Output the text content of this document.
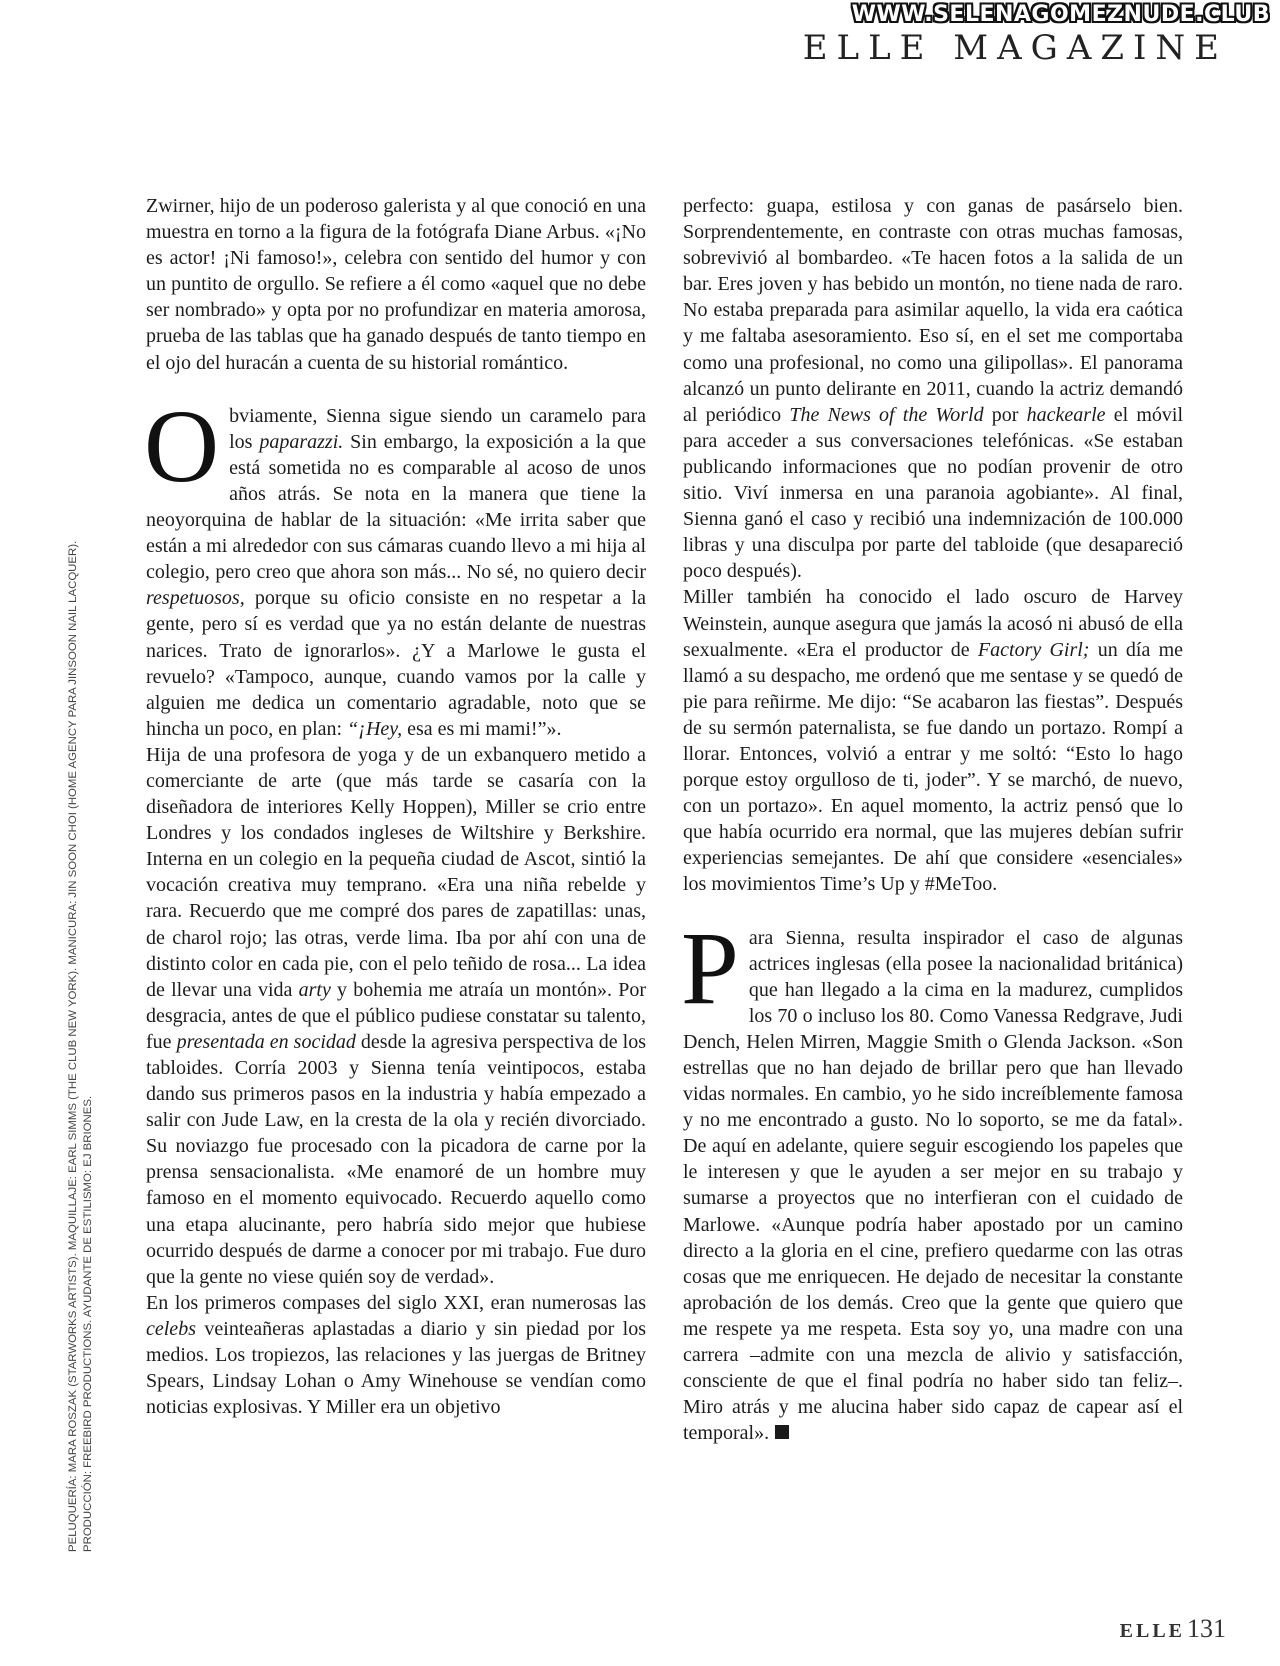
WWW.SELENAGOMEZNUDE.CLUB
ELLE MAGAZINE
PELUQUERÍA: MARA ROSZAK (STARWORKS ARTISTS). MAQUILLAJE: EARL SIMMS (THE CLUB NEW YORK). MANICURA: JIN SOON CHOI (HOME AGENCY PARA JINSOON NAIL LACQUER). PRODUCCIÓN: FREEBIRD PRODUCTIONS. AYUDANTE DE ESTILISMO: EJ BRIONES.

Zwirner, hijo de un poderoso galerista y al que conoció en una muestra en torno a la figura de la fotógrafa Diane Arbus. «¡No es actor! ¡Ni famoso!», celebra con sentido del humor y con un puntito de orgullo. Se refiere a él como «aquel que no debe ser nombrado» y opta por no profundizar en materia amorosa, prueba de las tablas que ha ganado después de tanto tiempo en el ojo del huracán a cuenta de su historial romántico.

Obviamente, Sienna sigue siendo un caramelo para los paparazzi. Sin embargo, la exposición a la que está sometida no es comparable al acoso de unos años atrás. Se nota en la manera que tiene la neoyorquina de hablar de la situación: «Me irrita saber que están a mi alrededor con sus cámaras cuando llevo a mi hija al colegio, pero creo que ahora son más... No sé, no quiero decir respetuosos, porque su oficio consiste en no respetar a la gente, pero sí es verdad que ya no están delante de nuestras narices. Trato de ignorarlos». ¿Y a Marlowe le gusta el revuelo? «Tampoco, aunque, cuando vamos por la calle y alguien me dedica un comentario agradable, noto que se hincha un poco, en plan: “¡Hey, esa es mi mami!”».

Hija de una profesora de yoga y de un exbanquero metido a comerciante de arte (que más tarde se casaría con la diseñadora de interiores Kelly Hoppen), Miller se crio entre Londres y los condados ingleses de Wiltshire y Berkshire. Interna en un colegio en la pequeña ciudad de Ascot, sintió la vocación creativa muy temprano. «Era una niña rebelde y rara. Recuerdo que me compré dos pares de zapatillas: unas, de charol rojo; las otras, verde lima. Iba por ahí con una de distinto color en cada pie, con el pelo teñido de rosa... La idea de llevar una vida arty y bohemia me atraía un montón». Por desgracia, antes de que el público pudiese constatar su talento, fue presentada en socidad desde la agresiva perspectiva de los tabloides. Corría 2003 y Sienna tenía veintipocos, estaba dando sus primeros pasos en la industria y había empezado a salir con Jude Law, en la cresta de la ola y recién divorciado. Su noviazgo fue procesado con la picadora de carne por la prensa sensacionalista. «Me enamoré de un hombre muy famoso en el momento equivocado. Recuerdo aquello como una etapa alucinante, pero habría sido mejor que hubiese ocurrido después de darme a conocer por mi trabajo. Fue duro que la gente no viese quién soy de verdad».

En los primeros compases del siglo XXI, eran numerosas las celebs veinteañeras aplastadas a diario y sin piedad por los medios. Los tropiezos, las relaciones y las juergas de Britney Spears, Lindsay Lohan o Amy Winehouse se vendían como noticias explosivas. Y Miller era un objetivo

perfecto: guapa, estilosa y con ganas de pasárselo bien. Sorprendentemente, en contraste con otras muchas famosas, sobrevivió al bombardeo. «Te hacen fotos a la salida de un bar. Eres joven y has bebido un montón, no tiene nada de raro. No estaba preparada para asimilar aquello, la vida era caótica y me faltaba asesoramiento. Eso sí, en el set me comportaba como una profesional, no como una gilipollas». El panorama alcanzó un punto delirante en 2011, cuando la actriz demandó al periódico The News of the World por hackearle el móvil para acceder a sus conversaciones telefónicas. «Se estaban publicando informaciones que no podían provenir de otro sitio. Viví inmersa en una paranoia agobiante». Al final, Sienna ganó el caso y recibió una indemnización de 100.000 libras y una disculpa por parte del tabloide (que desapareció poco después).

Miller también ha conocido el lado oscuro de Harvey Weinstein, aunque asegura que jamás la acosó ni abusó de ella sexualmente. «Era el productor de Factory Girl; un día me llamó a su despacho, me ordenó que me sentase y se quedó de pie para reñirme. Me dijo: “Se acabaron las fiestas”. Después de su sermón paternalista, se fue dando un portazo. Rompí a llorar. Entonces, volvió a entrar y me soltó: “Esto lo hago porque estoy orgulloso de ti, joder”. Y se marchó, de nuevo, con un portazo». En aquel momento, la actriz pensó que lo que había ocurrido era normal, que las mujeres debían sufrir experiencias semejantes. De ahí que considere «esenciales» los movimientos Time’s Up y #MeToo.

Para Sienna, resulta inspirador el caso de algunas actrices inglesas (ella posee la nacionalidad británica) que han llegado a la cima en la madurez, cumplidos los 70 o incluso los 80. Como Vanessa Redgrave, Judi Dench, Helen Mirren, Maggie Smith o Glenda Jackson. «Son estrellas que no han dejado de brillar pero que han llevado vidas normales. En cambio, yo he sido increíblemente famosa y no me encontrado a gusto. No lo soporto, se me da fatal». De aquí en adelante, quiere seguir escogiendo los papeles que le interesen y que le ayuden a ser mejor en su trabajo y sumarse a proyectos que no interfieran con el cuidado de Marlowe. «Aunque podría haber apostado por un camino directo a la gloria en el cine, prefiero quedarme con las otras cosas que me enriquecen. He dejado de necesitar la constante aprobación de los demás. Creo que la gente que quiero que me respete ya me respeta. Esta soy yo, una madre con una carrera –admite con una mezcla de alivio y satisfacción, consciente de que el final podría no haber sido tan feliz–. Miro atrás y me alucina haber sido capaz de capear así el temporal».

ELLE131
